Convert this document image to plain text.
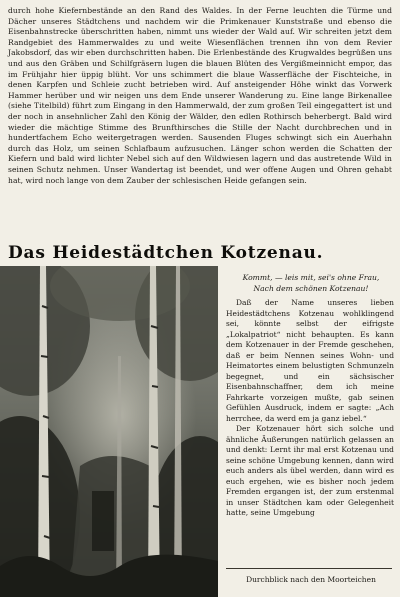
durch hohe Kiefernbestände an den Rand des Waldes. In der Ferne leuchten die Türme und Dächer unseres Städtchens und nachdem wir die Primkenauer Kunststraße und ebenso die Eisenbahnstrecke überschritten haben, nimmt uns wieder der Wald auf. Wir schreiten jetzt dem Randgebiet des Hammerwaldes zu und weite Wiesenflächen trennen ihn von dem Revier Jakobsdorf, das wir eben durchschritten haben. Die Erlenbestände des Krugwaldes begrüßen uns und aus den Gräben und Schilfgräsern lugen die blauen Blüten des Vergißmeinnicht empor, das im Frühjahr hier üppig blüht. Vor uns schimmert die blaue Wasserfläche der Fischteiche, in denen Karpfen und Schleie zucht betrieben wird. Auf ansteigender Höhe winkt das Vorwerk Hammer herüber und wir neigen uns dem Ende unserer Wanderung zu. Eine lange Birkenallee (siehe Titelbild) führt zum Eingang in den Hammerwald, der zum großen Teil eingegattert ist und der noch in ansehnlicher Zahl den König der Wälder, den edlen Rothirsch beherbergt. Bald wird wieder die mächtige Stimme des Brunfthirsches die Stille der Nacht durchbrechen und in hundertfachem Echo weitergetragen werden. Sausenden Fluges schwingt sich ein Auerhahn durch das Holz, um seinen Schlafbaum aufzusuchen. Länger schon werden die Schatten der Kiefern und bald wird lichter Nebel sich auf den Wildwiesen lagern und das austretende Wild in seinen Schutz nehmen. Unser Wandertag ist beendet, und wer offene Augen und Ohren gehabt hat, wird noch lange von dem Zauber der schlesischen Heide gefangen sein.

Das Heidestädtchen Kotzenau.
Kommt, — leis mit, sei's ohne Frau,
Nach dem schönen Kotzenau!

Daß der Name unseres lieben Heidestädtchens Kotzenau wohlklingend sei, könnte selbst der eifrigste „Lokalpatriot“ nicht behaupten. Es kann dem Kotzenauer in der Fremde geschehen, daß er beim Nennen seines Wohn- und Heimatortes einem belustigten Schmunzeln begegnet, und ein sächsischer Eisenbahnschaffner, dem ich meine Fahrkarte vorzeigen mußte, gab seinen Gefühlen Ausdruck, indem er sagte: „Ach herrchee, da werd em ja ganz iebel.“

Der Kotzenauer hört sich solche und ähnliche Äußerungen natürlich gelassen an und denkt: Lernt ihr mal erst Kotzenau und seine schöne Umgebung kennen, dann wird euch anders als übel werden, dann wird es euch ergehen, wie es bisher noch jedem Fremden ergangen ist, der zum erstenmal in unser Städtchen kam oder Gelegenheit hatte, seine Umgebung

Durchblick nach den Moorteichen
